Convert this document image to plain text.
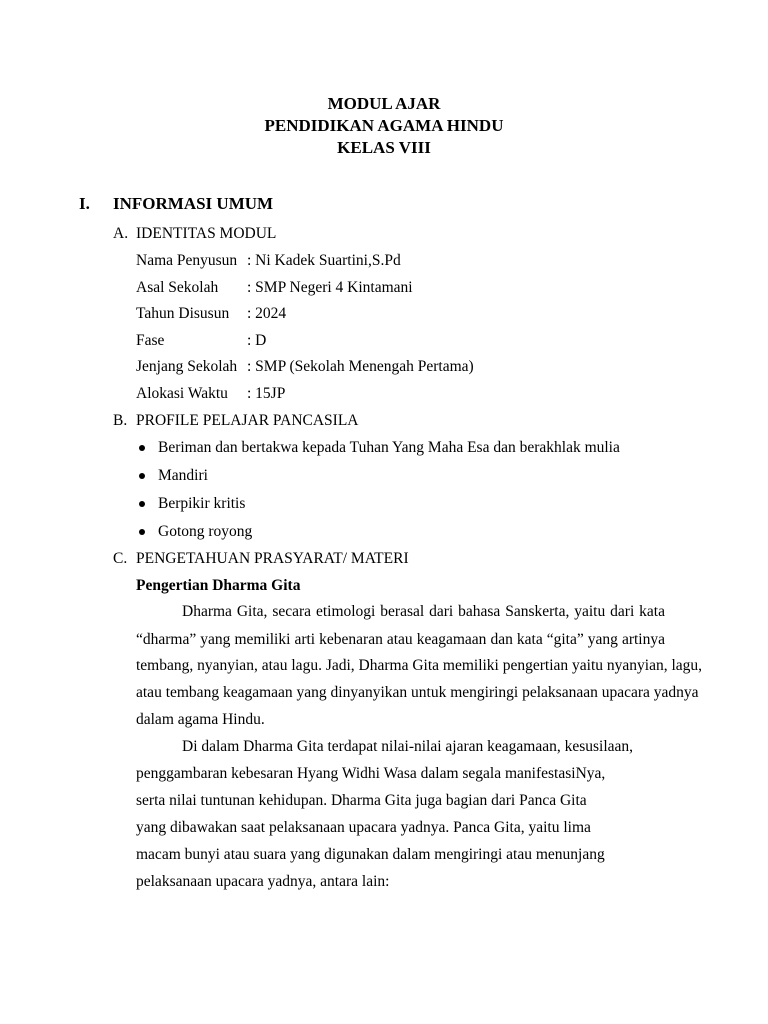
MODUL AJAR
PENDIDIKAN AGAMA HINDU
KELAS VIII
I. INFORMASI UMUM
A. IDENTITAS MODUL
Nama Penyusun : Ni Kadek Suartini,S.Pd
Asal Sekolah : SMP Negeri 4 Kintamani
Tahun Disusun : 2024
Fase	: D
Jenjang Sekolah : SMP (Sekolah Menengah Pertama)
Alokasi Waktu : 15JP
B. PROFILE PELAJAR PANCASILA
Beriman dan bertakwa kepada Tuhan Yang Maha Esa dan berakhlak mulia
Mandiri
Berpikir kritis
Gotong royong
C. PENGETAHUAN PRASYARAT/ MATERI
Pengertian Dharma Gita
Dharma Gita, secara etimologi berasal dari bahasa Sanskerta, yaitu dari kata
“dharma” yang memiliki arti kebenaran atau keagamaan dan kata “gita” yang artinya
tembang, nyanyian, atau lagu. Jadi, Dharma Gita memiliki pengertian yaitu nyanyian, lagu,
atau tembang keagamaan yang dinyanyikan untuk mengiringi pelaksanaan upacara yadnya
dalam agama Hindu.
Di dalam Dharma Gita terdapat nilai-nilai ajaran keagamaan, kesusilaan,
penggambaran kebesaran Hyang Widhi Wasa dalam segala manifestasiNya,
serta nilai tuntunan kehidupan. Dharma Gita juga bagian dari Panca Gita
yang dibawakan saat pelaksanaan upacara yadnya. Panca Gita, yaitu lima
macam bunyi atau suara yang digunakan dalam mengiringi atau menunjang
pelaksanaan upacara yadnya, antara lain:
